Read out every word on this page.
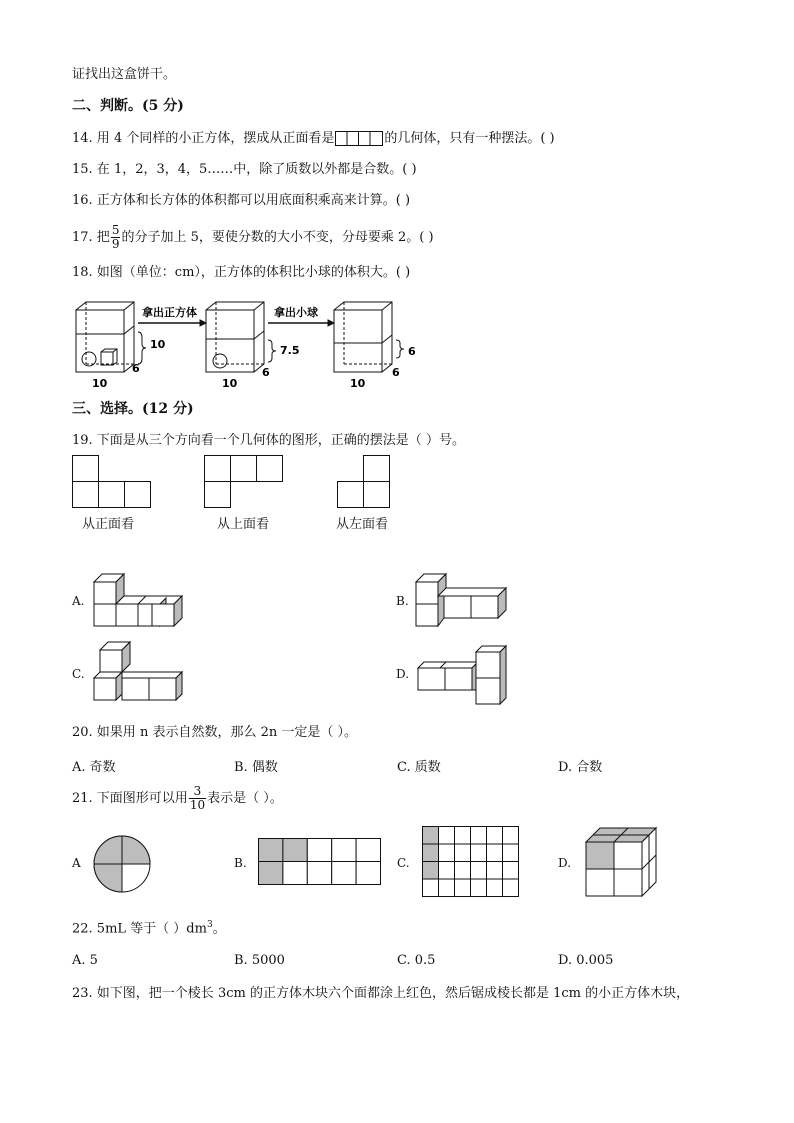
证找出这盒饼干。
二、判断。(5 分)
14. 用 4 个同样的小正方体，摆成从正面看是	的几何体，只有一种摆法。( )
15. 在 1，2，3，4，5……中，除了质数以外都是合数。( )
16. 正方体和长方体的体积都可以用底面积乘高来计算。( )
17. 把 $\frac{5}{9}$ 的分子加上 5，要使分数的大小不变，分母要乘 2。( )
18. 如图（单位：cm），正方体的体积比小球的体积大。( )
拿出正方体	拿出小球
10	7.5	6
10
6
10
6
10
6
三、选择。(12 分)
19. 下面是从三个方向看一个几何体的图形，正确的摆法是（ ）号。
从正面看	从上面看	从左面看
A.	B.
C.	D.
20. 如果用 n 表示自然数，那么 2n 一定是（ ）。
A. 奇数	B. 偶数	C. 质数	D. 合数
21. 下面图形可以用 $\frac{3}{10}$ 表示是（ ）。
A	B.	C.	D.
22. 5mL 等于（ ）$dm^3$。
A. 5	B. 5000	C. 0.5	D. 0.005
23. 如下图，把一个棱长 3cm 的正方体木块六个面都涂上红色，然后锯成棱长都是 1cm 的小正方体木块，
